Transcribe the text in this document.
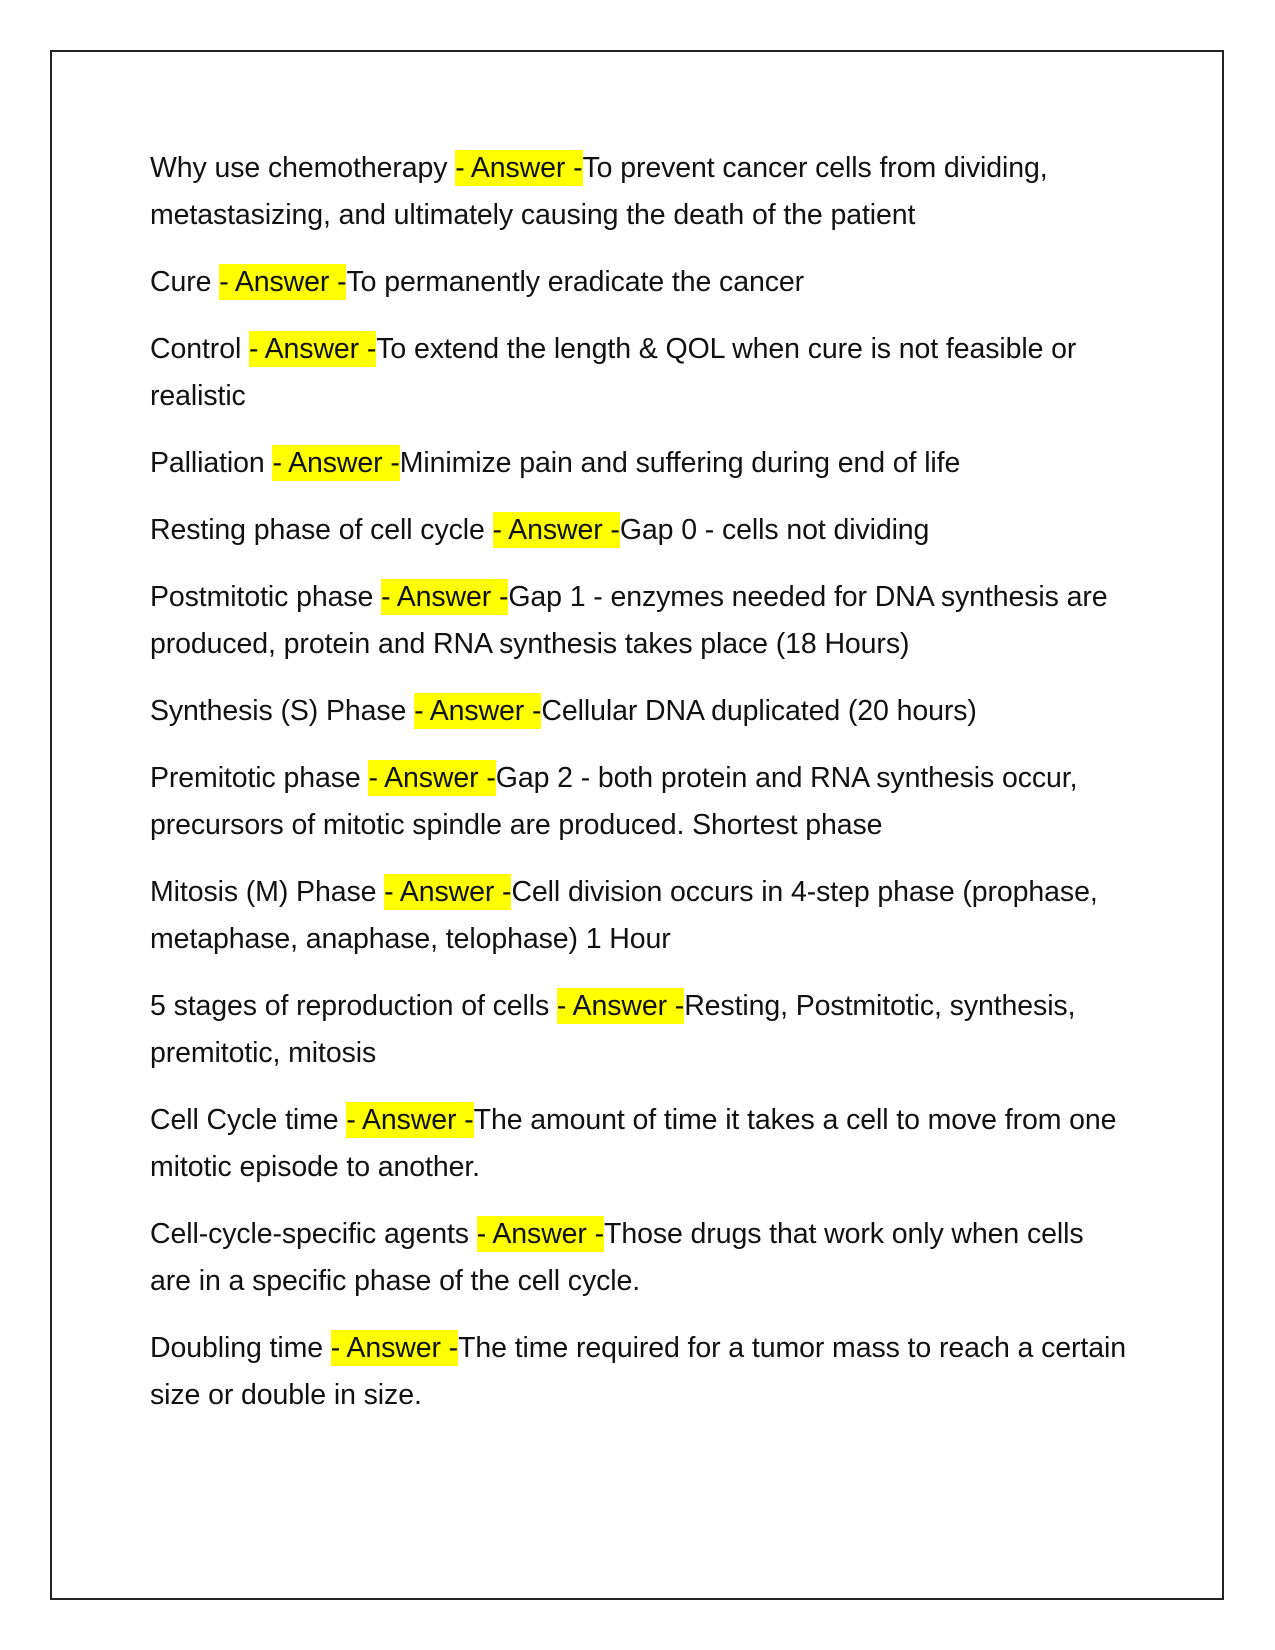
Why use chemotherapy - Answer -To prevent cancer cells from dividing, metastasizing, and ultimately causing the death of the patient
Cure - Answer -To permanently eradicate the cancer
Control - Answer -To extend the length & QOL when cure is not feasible or realistic
Palliation - Answer -Minimize pain and suffering during end of life
Resting phase of cell cycle - Answer -Gap 0 - cells not dividing
Postmitotic phase - Answer -Gap 1 - enzymes needed for DNA synthesis are produced, protein and RNA synthesis takes place (18 Hours)
Synthesis (S) Phase - Answer -Cellular DNA duplicated (20 hours)
Premitotic phase - Answer -Gap 2 - both protein and RNA synthesis occur, precursors of mitotic spindle are produced. Shortest phase
Mitosis (M) Phase - Answer -Cell division occurs in 4-step phase (prophase, metaphase, anaphase, telophase) 1 Hour
5 stages of reproduction of cells - Answer -Resting, Postmitotic, synthesis, premitotic, mitosis
Cell Cycle time - Answer -The amount of time it takes a cell to move from one mitotic episode to another.
Cell-cycle-specific agents - Answer -Those drugs that work only when cells are in a specific phase of the cell cycle.
Doubling time - Answer -The time required for a tumor mass to reach a certain size or double in size.
